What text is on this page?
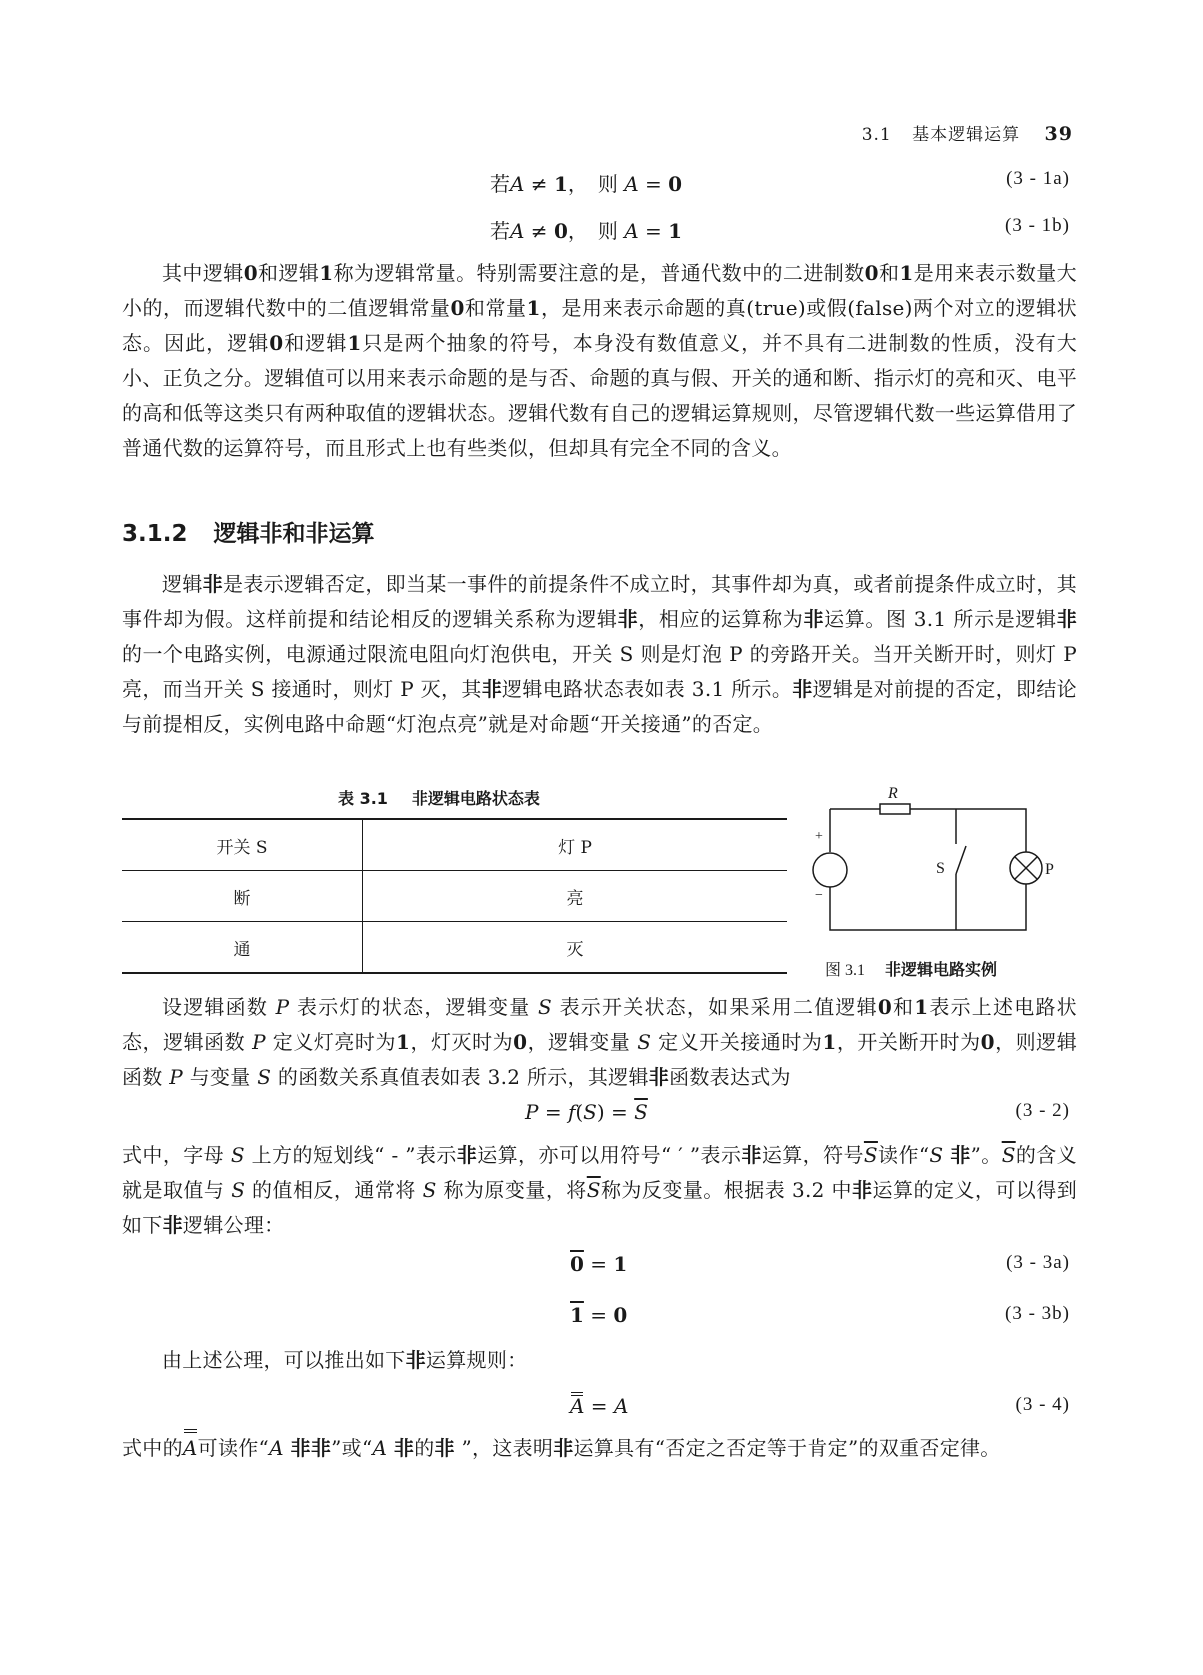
3.1 基本逻辑运算 39
若A ≠ 1，　则 A = 0	(3 - 1a)
若A ≠ 0，　则 A = 1	(3 - 1b)

其中逻辑0和逻辑1称为逻辑常量。特别需要注意的是，普通代数中的二进制数0和1是用来表示数量大小的，而逻辑代数中的二值逻辑常量0和常量1，是用来表示命题的真(true)或假(false)两个对立的逻辑状态。因此，逻辑0和逻辑1只是两个抽象的符号，本身没有数值意义，并不具有二进制数的性质，没有大小、正负之分。逻辑值可以用来表示命题的是与否、命题的真与假、开关的通和断、指示灯的亮和灭、电平的高和低等这类只有两种取值的逻辑状态。逻辑代数有自己的逻辑运算规则，尽管逻辑代数一些运算借用了普通代数的运算符号，而且形式上也有些类似，但却具有完全不同的含义。

3.1.2 逻辑非和非运算

逻辑非是表示逻辑否定，即当某一事件的前提条件不成立时，其事件却为真，或者前提条件成立时，其事件却为假。这样前提和结论相反的逻辑关系称为逻辑非，相应的运算称为非运算。图 3.1 所示是逻辑非的一个电路实例，电源通过限流电阻向灯泡供电，开关 S 则是灯泡 P 的旁路开关。当开关断开时，则灯 P 亮，而当开关 S 接通时，则灯 P 灭，其非逻辑电路状态表如表 3.1 所示。非逻辑是对前提的否定，即结论与前提相反，实例电路中命题“灯泡点亮”就是对命题“开关接通”的否定。

表 3.1 非逻辑电路状态表
开关 S	灯 P
断	亮
通	灭
R
+
−
S	P
图 3.1 非逻辑电路实例

设逻辑函数 P 表示灯的状态，逻辑变量 S 表示开关状态，如果采用二值逻辑0和1表示上述电路状态，逻辑函数 P 定义灯亮时为1，灯灭时为0，逻辑变量 S 定义开关接通时为1，开关断开时为0，则逻辑函数 P 与变量 S 的函数关系真值表如表 3.2 所示，其逻辑非函数表达式为

$P = f(S) = \overline{S}$	(3 - 2)

式中，字母 S 上方的短划线“ - ”表示非运算，亦可以用符号“ ′ ”表示非运算，符号$\overline{S}$读作“S 非”。$\overline{S}$的含义就是取值与 S 的值相反，通常将 S 称为原变量，将$\overline{S}$称为反变量。根据表 3.2 中非运算的定义，可以得到如下非逻辑公理：

0 = 1	(3 - 3a)
1 = 0	(3 - 3b)

由上述公理，可以推出如下非运算规则：

A = A	(3 - 4)

式中的A可读作“A 非非”或“A 非的非 ”，这表明非运算具有“否定之否定等于肯定”的双重否定律。
